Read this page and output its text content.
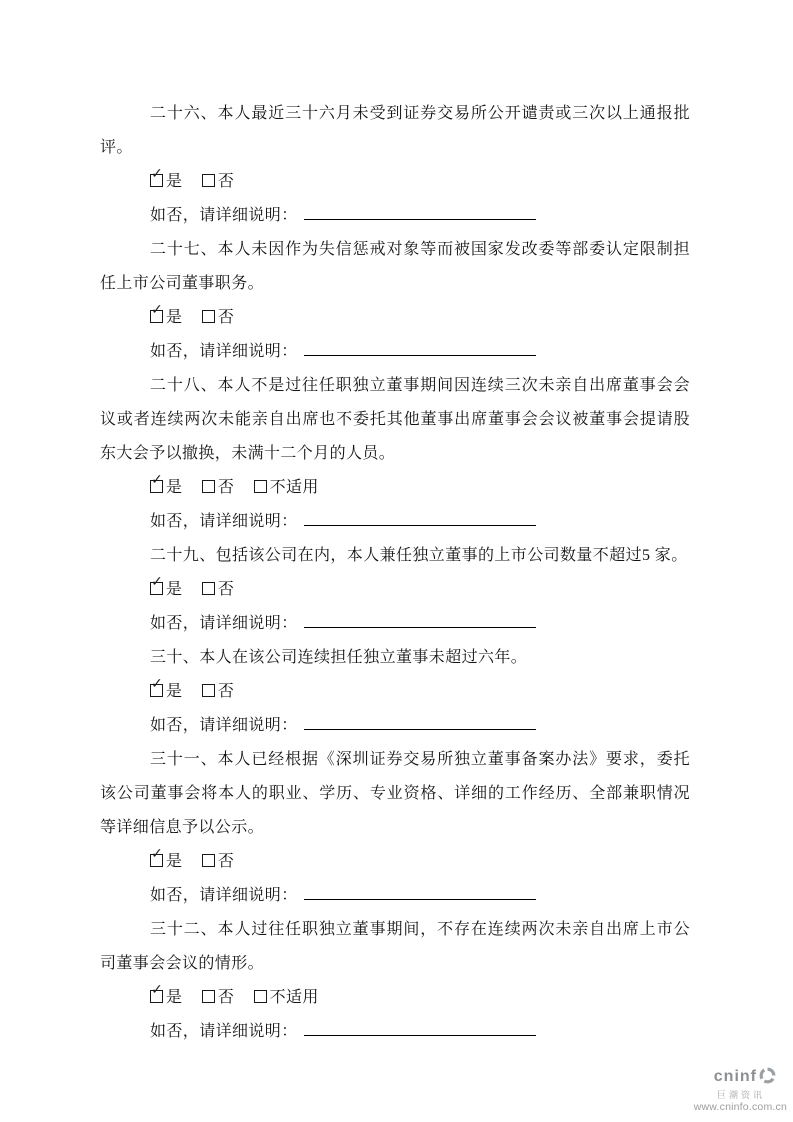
二十六、本人最近三十六月未受到证券交易所公开谴责或三次以上通报批评。

✓ 是 否

如否，请详细说明：

二十七、本人未因作为失信惩戒对象等而被国家发改委等部委认定限制担任上市公司董事职务。

✓ 是 否

如否，请详细说明：

二十八、本人不是过往任职独立董事期间因连续三次未亲自出席董事会会议或者连续两次未能亲自出席也不委托其他董事出席董事会会议被董事会提请股东大会予以撤换，未满十二个月的人员。

✓ 是 否 不适用

如否，请详细说明：

二十九、包括该公司在内，本人兼任独立董事的上市公司数量不超过5 家。

✓ 是 否

如否，请详细说明：

三十、本人在该公司连续担任独立董事未超过六年。

✓ 是 否

如否，请详细说明：

三十一、本人已经根据《深圳证券交易所独立董事备案办法》要求，委托该公司董事会将本人的职业、学历、专业资格、详细的工作经历、全部兼职情况等详细信息予以公示。

✓ 是 否

如否，请详细说明：

三十二、本人过往任职独立董事期间，不存在连续两次未亲自出席上市公司董事会会议的情形。

✓ 是 否 不适用

如否，请详细说明：

cninf
巨潮资讯
www.cninfo.com.cn
